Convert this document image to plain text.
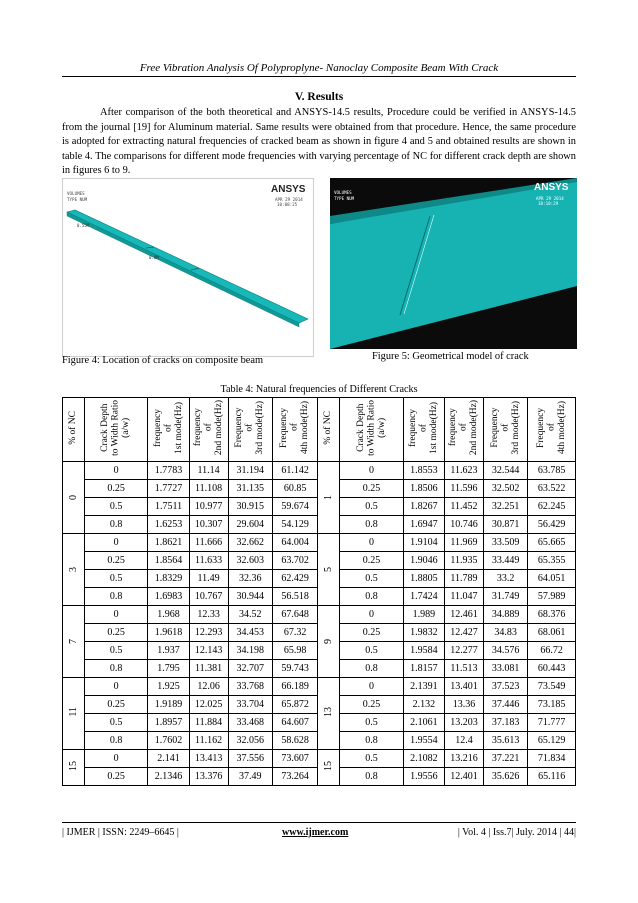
Free Vibration Analysis Of Polyproplyne- Nanoclay Composite Beam With Crack
V. Results

After comparison of the both theoretical and ANSYS-14.5 results, Procedure could be verified in ANSYS-14.5 from the journal [19] for Aluminum material. Same results were obtained from that procedure. Hence, the same procedure is adopted for extracting natural frequencies of cracked beam as shown in figure 4 and 5 and obtained results are shown in table 4. The comparisons for different mode frequencies with varying percentage of NC for different crack depth are shown in figures 6 to 9.

ANSYS
VOLUMES
TYPE NUM	APR 29 2014
10:08:25
0.55M
0.8M
ANSYS
VOLUMES
TYPE NUM	APR 29 2014
10:10:29
Figure 4: Location of cracks on composite beam	Figure 5: Geometrical model of crack
Table 4: Natural frequencies of Different Cracks
% of NC	Crack Depth
to Width Ratio
(a/w)	frequency
of
1st mode(Hz)	frequency
of
2nd mode(Hz)	Frequency
of
3rd mode(Hz)	Frequency
of
4th mode(Hz)	% of NC	Crack Depth
to Width Ratio
(a/w)	frequency
of
1st mode(Hz)	frequency
of
2nd mode(Hz)	Frequency
of
3rd mode(Hz)	Frequency
of
4th mode(Hz)
0	0	1.7783	11.14	31.194	61.142	1	0	1.8553	11.623	32.544	63.785
	0.25	1.7727	11.108	31.135	60.85		0.25	1.8506	11.596	32.502	63.522
	0.5	1.7511	10.977	30.915	59.674		0.5	1.8267	11.452	32.251	62.245
	0.8	1.6253	10.307	29.604	54.129		0.8	1.6947	10.746	30.871	56.429
3	0	1.8621	11.666	32.662	64.004	5	0	1.9104	11.969	33.509	65.665
	0.25	1.8564	11.633	32.603	63.702		0.25	1.9046	11.935	33.449	65.355
	0.5	1.8329	11.49	32.36	62.429		0.5	1.8805	11.789	33.2	64.051
	0.8	1.6983	10.767	30.944	56.518		0.8	1.7424	11.047	31.749	57.989
7	0	1.968	12.33	34.52	67.648	9	0	1.989	12.461	34.889	68.376
	0.25	1.9618	12.293	34.453	67.32		0.25	1.9832	12.427	34.83	68.061
	0.5	1.937	12.143	34.198	65.98		0.5	1.9584	12.277	34.576	66.72
	0.8	1.795	11.381	32.707	59.743		0.8	1.8157	11.513	33.081	60.443
11	0	1.925	12.06	33.768	66.189	13	0	2.1391	13.401	37.523	73.549
	0.25	1.9189	12.025	33.704	65.872		0.25	2.132	13.36	37.446	73.185
	0.5	1.8957	11.884	33.468	64.607		0.5	2.1061	13.203	37.183	71.777
	0.8	1.7602	11.162	32.056	58.628		0.8	1.9554	12.4	35.613	65.129
15	0	2.141	13.413	37.556	73.607	15	0.5	2.1082	13.216	37.221	71.834
	0.25	2.1346	13.376	37.49	73.264		0.8	1.9556	12.401	35.626	65.116
| IJMER | ISSN: 2249–6645 |	www.ijmer.com	| Vol. 4 | Iss.7| July. 2014 | 44|
